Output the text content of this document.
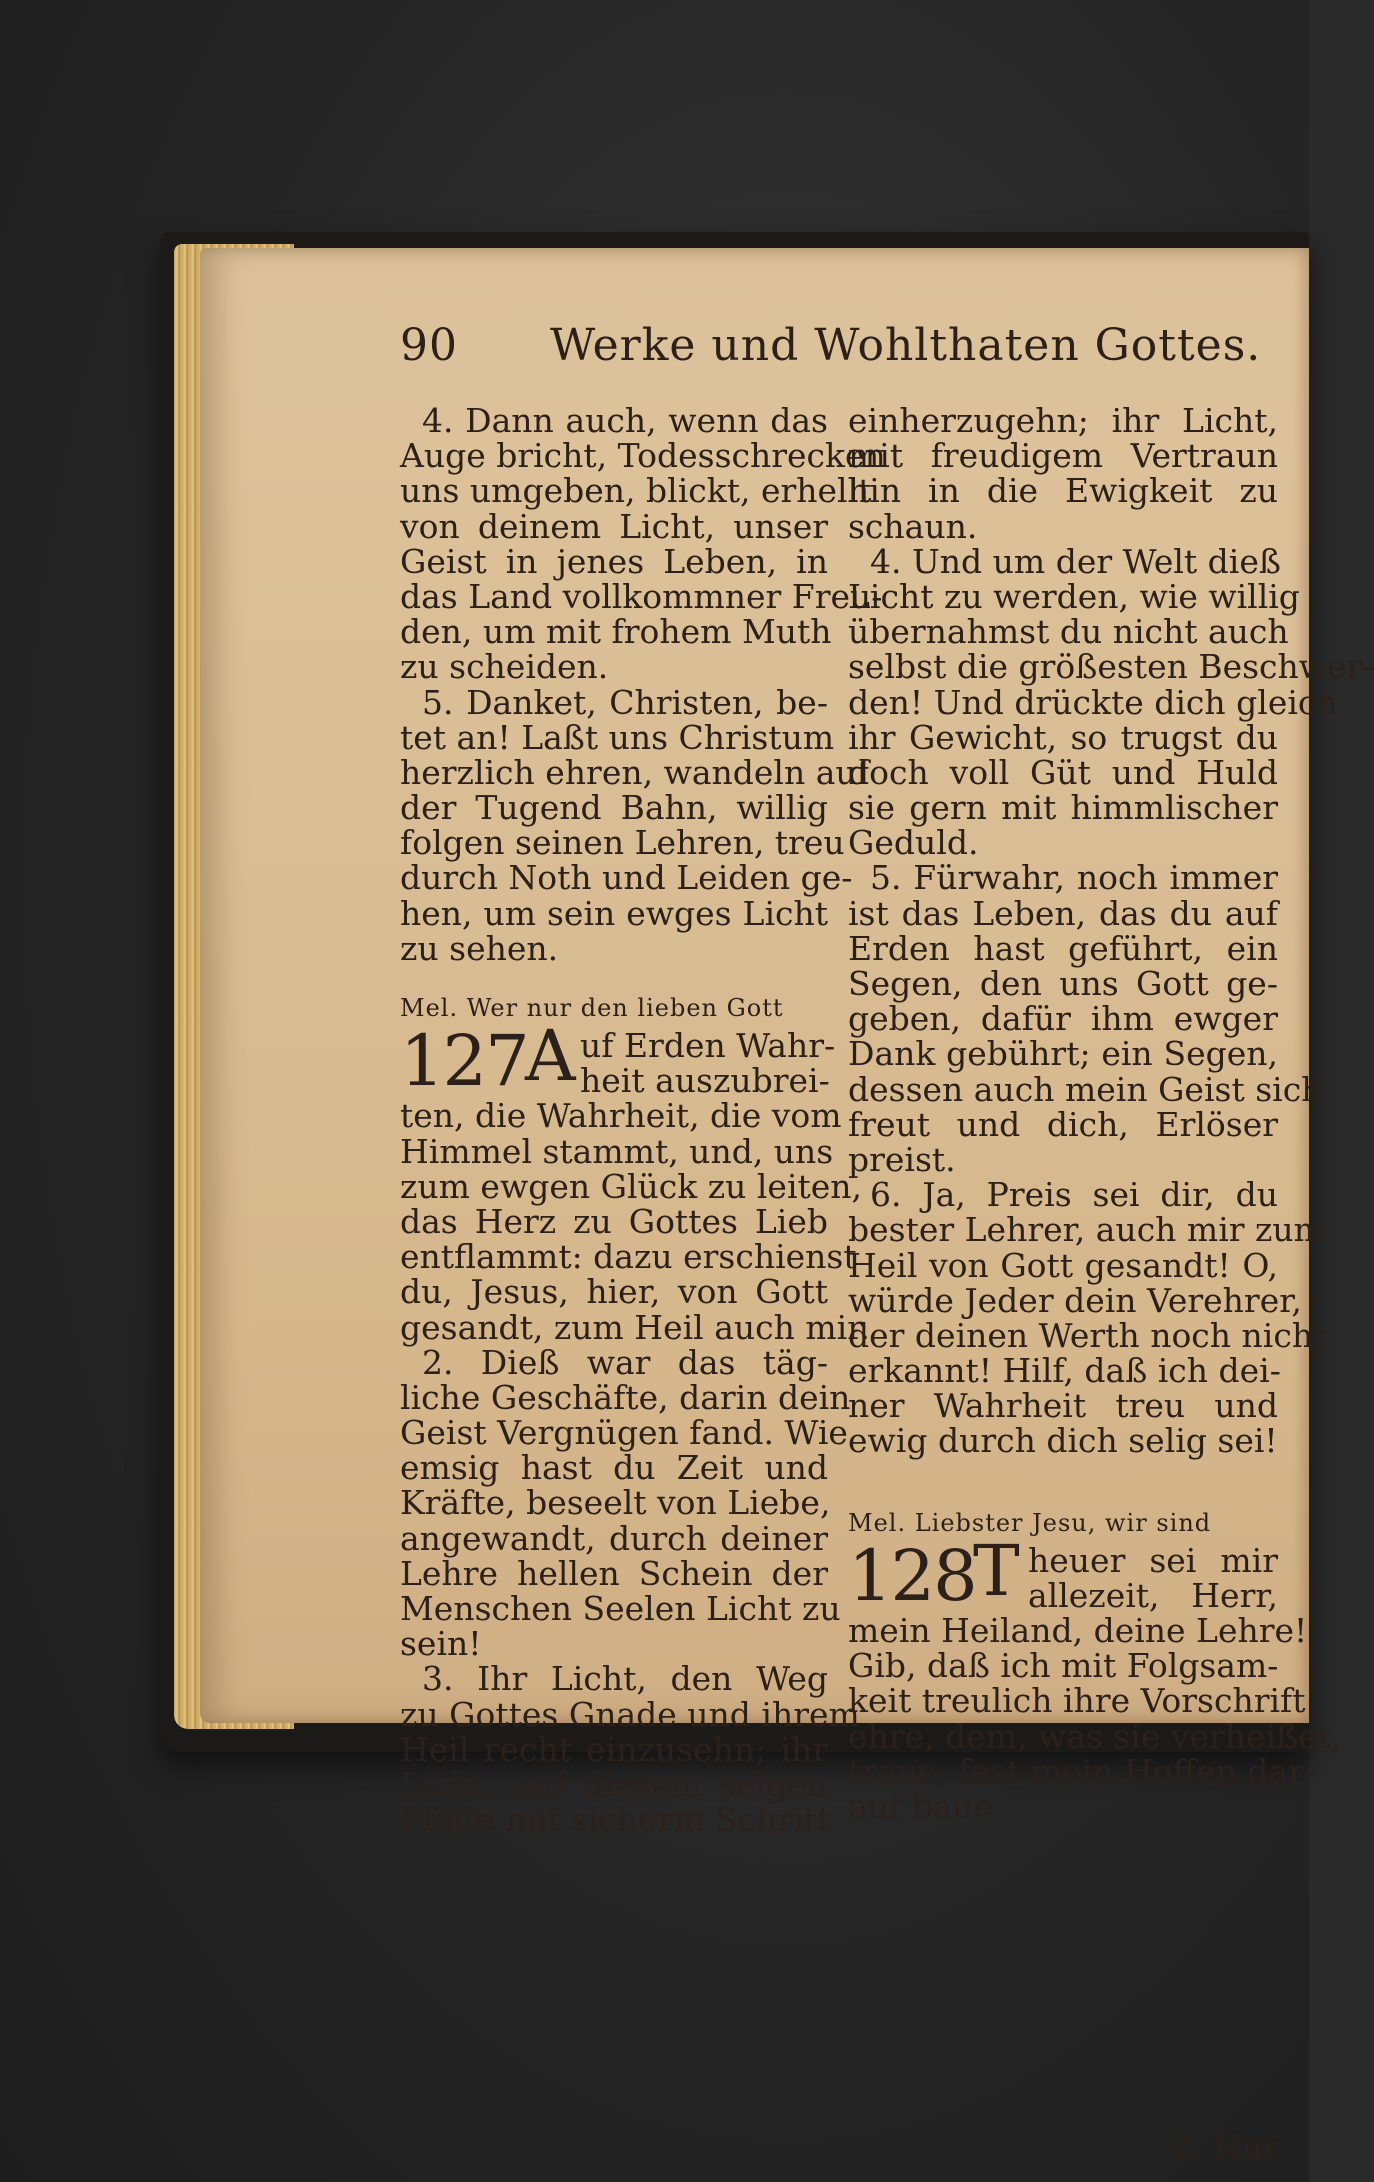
90 Werke und Wohlthaten Gottes.
4. Dann auch, wenn das
Auge bricht, Todesschrecken
uns umgeben, blickt, erhellt
von deinem Licht, unser
Geist in jenes Leben, in
das Land vollkommner Freu-
den, um mit frohem Muth
zu scheiden.
5. Danket, Christen, be-
tet an! Laßt uns Christum
herzlich ehren, wandeln auf
der Tugend Bahn, willig
folgen seinen Lehren, treu
durch Noth und Leiden ge-
hen, um sein ewges Licht
zu sehen.
Mel. Wer nur den lieben Gott
127
A uf Erden Wahr-
heit auszubrei-
ten, die Wahrheit, die vom
Himmel stammt, und, uns
zum ewgen Glück zu leiten,
das Herz zu Gottes Lieb
entflammt: dazu erschienst
du, Jesus, hier, von Gott
gesandt, zum Heil auch mir.
2. Dieß war das täg-
liche Geschäfte, darin dein
Geist Vergnügen fand. Wie
emsig hast du Zeit und
Kräfte, beseelt von Liebe,
angewandt, durch deiner
Lehre hellen Schein der
Menschen Seelen Licht zu
sein!
3. Ihr Licht, den Weg
zu Gottes Gnade und ihrem
Heil recht einzusehn; ihr
Licht, auf diesem selgen
Pfade mit sicherm Schritt
einherzugehn; ihr Licht,
mit freudigem Vertraun
hin in die Ewigkeit zu
schaun.
4. Und um der Welt dieß
Licht zu werden, wie willig
übernahmst du nicht auch
selbst die größesten Beschwer-
den! Und drückte dich gleich
ihr Gewicht, so trugst du
doch voll Güt und Huld
sie gern mit himmlischer
Geduld.
5. Fürwahr, noch immer
ist das Leben, das du auf
Erden hast geführt, ein
Segen, den uns Gott ge-
geben, dafür ihm ewger
Dank gebührt; ein Segen,
dessen auch mein Geist sich
freut und dich, Erlöser
preist.
6. Ja, Preis sei dir, du
bester Lehrer, auch mir zum
Heil von Gott gesandt! O,
würde Jeder dein Verehrer,
der deinen Werth noch nicht
erkannt! Hilf, daß ich dei-
ner Wahrheit treu und
ewig durch dich selig sei!
Mel. Liebster Jesu, wir sind
128
T heuer sei mir
allezeit, Herr,
mein Heiland, deine Lehre!
Gib, daß ich mit Folgsam-
keit treulich ihre Vorschrift
ehre, dem, was sie verheißet,
traue, fest mein Hoffen dar-
auf baue.
2. Nur
